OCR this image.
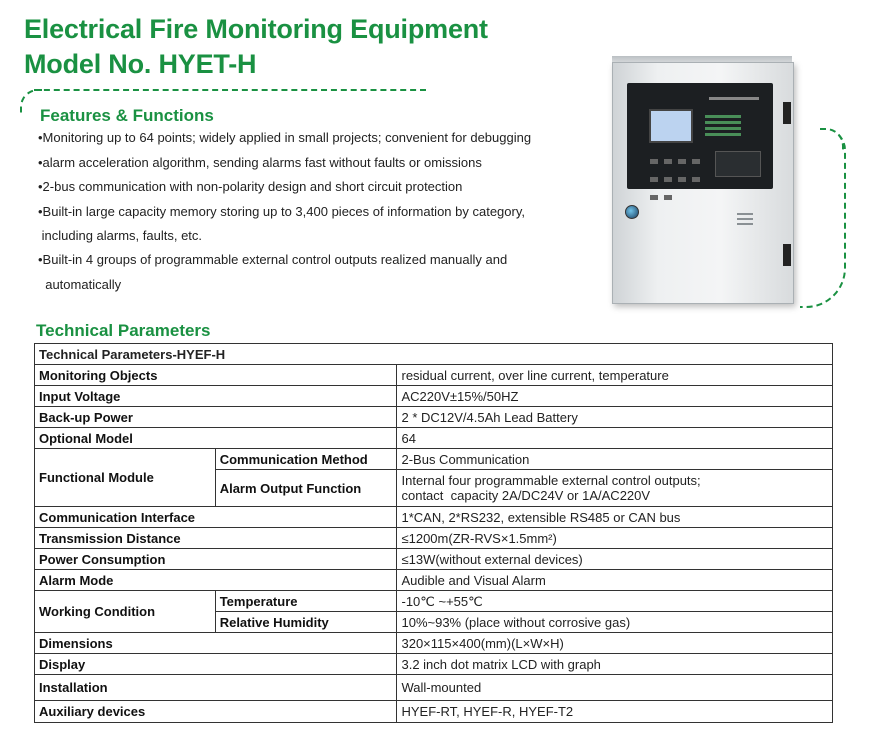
Electrical Fire Monitoring Equipment
Model No. HYET-H
Features & Functions
•Monitoring up to 64 points; widely applied in small projects; convenient for debugging
•alarm acceleration algorithm, sending alarms fast without faults or omissions
•2-bus communication with non-polarity design and short circuit protection
•Built-in large capacity memory storing up to 3,400 pieces of information by category,
including alarms, faults, etc.
•Built-in 4 groups of programmable external control outputs realized manually and
automatically
Technical Parameters
Technical Parameters-HYEF-H		
Monitoring Objects		residual current, over line current, temperature
Input Voltage		AC220V±15%/50HZ
Back-up Power		2 * DC12V/4.5Ah Lead Battery
Optional Model		64
Functional Module	Communication Method	2-Bus Communication
	Alarm Output Function	Internal four programmable external control outputs;
contact  capacity 2A/DC24V or 1A/AC220V
Communication Interface		1*CAN, 2*RS232, extensible RS485 or CAN bus
Transmission Distance		≤1200m(ZR-RVS×1.5mm²)
Power Consumption		≤13W(without external devices)
Alarm Mode		Audible and Visual Alarm
Working Condition	Temperature	-10℃ ~+55℃
	Relative Humidity	10%~93% (place without corrosive gas)
Dimensions		320×115×400(mm)(L×W×H)
Display		3.2 inch dot matrix LCD with graph
Installation		Wall-mounted
Auxiliary devices		HYEF-RT, HYEF-R, HYEF-T2
